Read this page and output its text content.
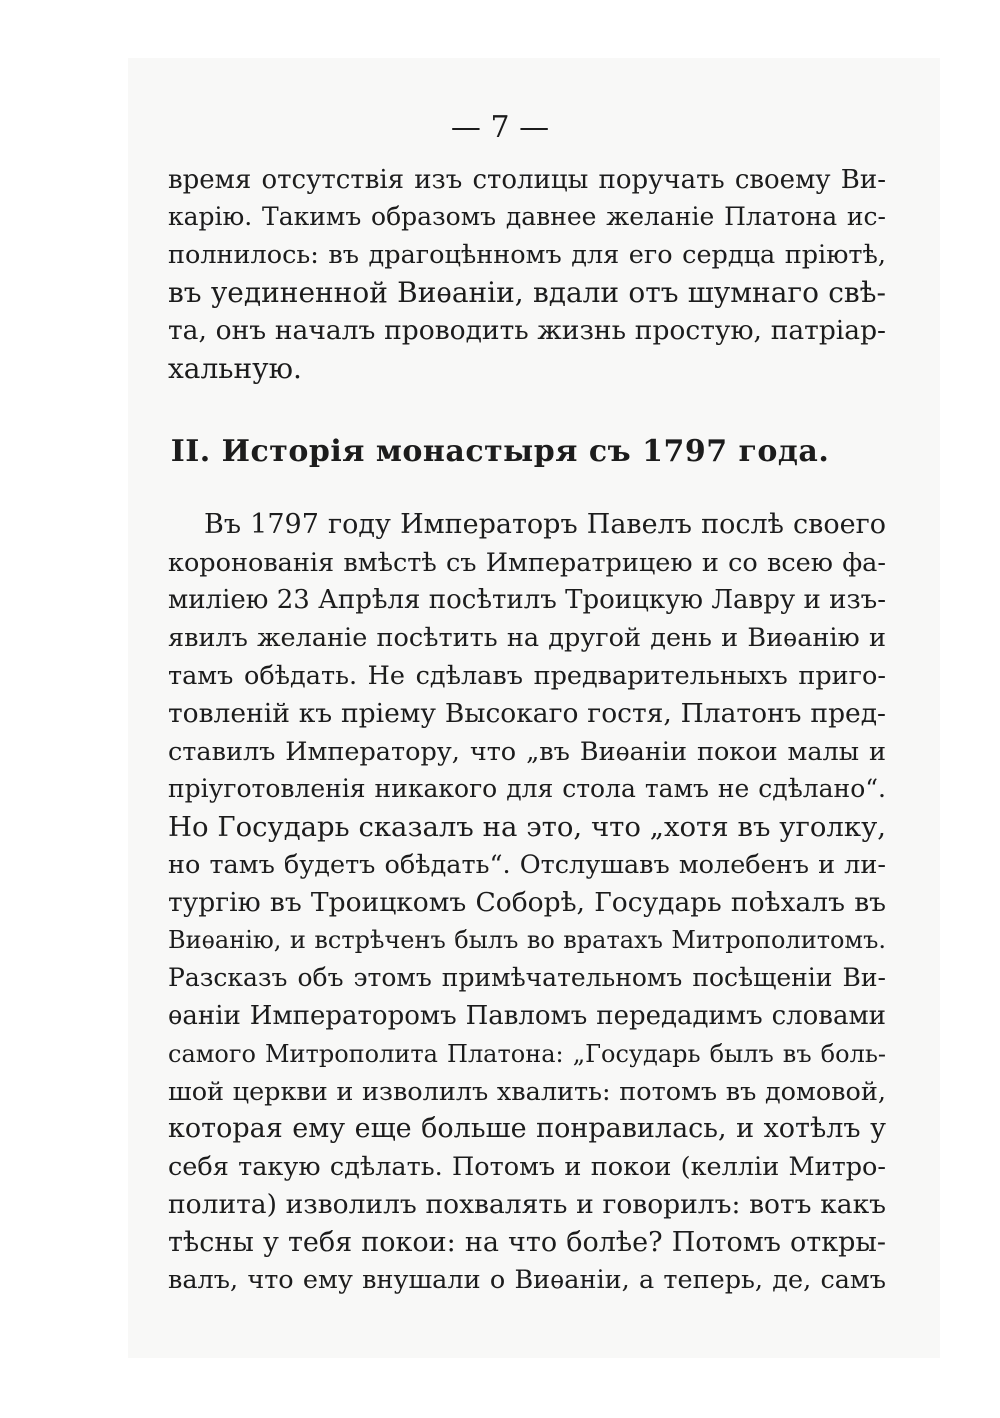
— 7 —
время отсутствія изъ столицы поручать своему Ви-
карію. Такимъ образомъ давнее желаніе Платона ис-
полнилось: въ драгоцѣнномъ для его сердца пріютѣ,
въ уединенной Виѳаніи, вдали отъ шумнаго свѣ-
та, онъ началъ проводить жизнь простую, патріар-
хальную.
II. Исторія монастыря съ 1797 года.
Въ 1797 году Императоръ Павелъ послѣ своего
коронованія вмѣстѣ съ Императрицею и со всею фа-
миліею 23 Апрѣля посѣтилъ Троицкую Лавру и изъ-
явилъ желаніе посѣтить на другой день и Виѳанію и
тамъ обѣдать. Не сдѣлавъ предварительныхъ приго-
товленій къ пріему Высокаго гостя, Платонъ пред-
ставилъ Императору, что „въ Виѳаніи покои малы и
пріуготовленія никакого для стола тамъ не сдѣлано“.
Но Государь сказалъ на это, что „хотя въ уголку,
но тамъ будетъ обѣдать“. Отслушавъ молебенъ и ли-
тургію въ Троицкомъ Соборѣ, Государь поѣхалъ въ
Виѳанію, и встрѣченъ былъ во вратахъ Митрополитомъ.
Разсказъ объ этомъ примѣчательномъ посѣщеніи Ви-
ѳаніи Императоромъ Павломъ передадимъ словами
самого Митрополита Платона: „Государь былъ въ боль-
шой церкви и изволилъ хвалить: потомъ въ домовой,
которая ему еще больше понравилась, и хотѣлъ у
себя такую сдѣлать. Потомъ и покои (келліи Митро-
полита) изволилъ похвалять и говорилъ: вотъ какъ
тѣсны у тебя покои: на что болѣе? Потомъ откры-
валъ, что ему внушали о Виѳаніи, а теперь, де, самъ
